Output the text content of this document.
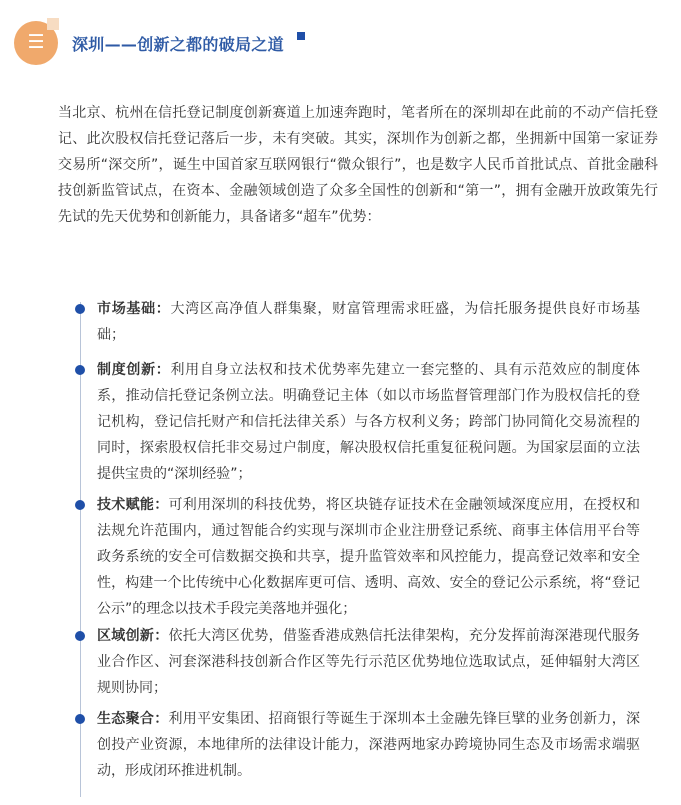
☰	深圳——创新之都的破局之道

当北京、杭州在信托登记制度创新赛道上加速奔跑时，笔者所在的深圳却在此前的不动产信托登记、此次股权信托登记落后一步，未有突破。其实，深圳作为创新之都，坐拥新中国第一家证券交易所“深交所”，诞生中国首家互联网银行“微众银行”，也是数字人民币首批试点、首批金融科技创新监管试点，在资本、金融领域创造了众多全国性的创新和“第一”，拥有金融开放政策先行先试的先天优势和创新能力，具备诸多“超车”优势：

市场基础：大湾区高净值人群集聚，财富管理需求旺盛，为信托服务提供良好市场基础；
制度创新：利用自身立法权和技术优势率先建立一套完整的、具有示范效应的制度体系，推动信托登记条例立法。明确登记主体（如以市场监督管理部门作为股权信托的登记机构，登记信托财产和信托法律关系）与各方权利义务；跨部门协同简化交易流程的同时，探索股权信托非交易过户制度，解决股权信托重复征税问题。为国家层面的立法提供宝贵的“深圳经验”；
技术赋能：可利用深圳的科技优势，将区块链存证技术在金融领域深度应用，在授权和法规允许范围内，通过智能合约实现与深圳市企业注册登记系统、商事主体信用平台等政务系统的安全可信数据交换和共享，提升监管效率和风控能力，提高登记效率和安全性，构建一个比传统中心化数据库更可信、透明、高效、安全的登记公示系统，将“登记公示”的理念以技术手段完美落地并强化；
区域创新：依托大湾区优势，借鉴香港成熟信托法律架构，充分发挥前海深港现代服务业合作区、河套深港科技创新合作区等先行示范区优势地位选取试点，延伸辐射大湾区规则协同；
生态聚合：利用平安集团、招商银行等诞生于深圳本土金融先锋巨擘的业务创新力，深创投产业资源，本地律所的法律设计能力，深港两地家办跨境协同生态及市场需求端驱动，形成闭环推进机制。
